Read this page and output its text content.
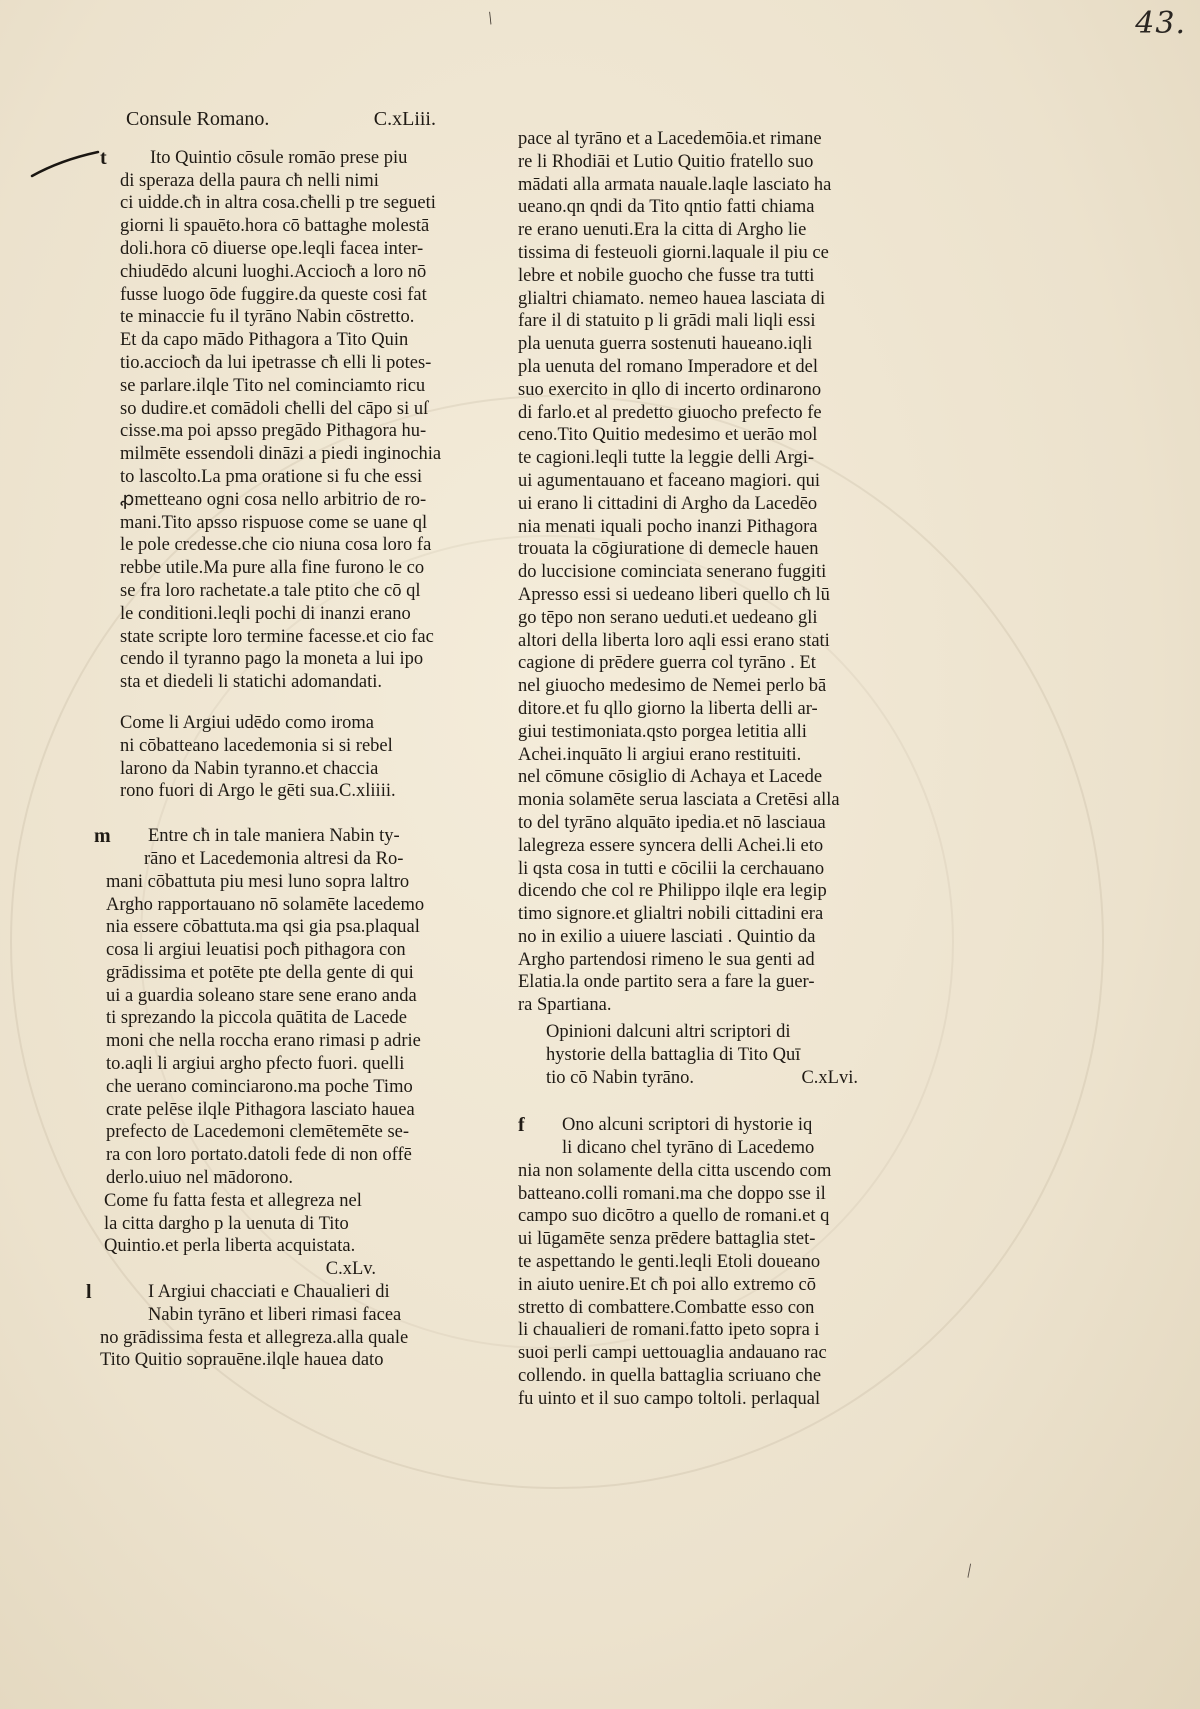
43.
/
\
Consule Romano.	C.xLiii.
t	Ito Quintio cōsule romāo prese piu
di speraza della paura cħ nelli nimi
ci uidde.cħ in altra cosa.cħelli p tre segueti
giorni li spauēto.hora cō battaghe molestā
doli.hora cō diuerse ope.leqli facea inter-
chiudēdo alcuni luoghi.Acciocħ a loro nō
fusse luogo ōde fuggire.da queste cosi fat
te minaccie fu il tyrāno Nabin cōstretto.
Et da capo mādo Pithagora a Tito Quin
tio.acciocħ da lui ipetrasse cħ elli li potes-
se parlare.ilqle Tito nel cominciamto ricu
so dudire.et comādoli cħelli del cāpo si uſ
cisse.ma poi apsso pregādo Pithagora hu-
milmēte essendoli dināzi a piedi inginochia
to lascolto.La pma oratione si fu che essi
ꝓmetteano ogni cosa nello arbitrio de ro-
mani.Tito apsso rispuose come se uane ql
le pole credesse.che cio niuna cosa loro fa
rebbe utile.Ma pure alla fine furono le co
se fra loro rachetate.a tale ptito che cō ql
le conditioni.leqli pochi di inanzi erano
state scripte loro termine facesse.et cio fac
cendo il tyranno pago la moneta a lui ipo
sta et diedeli li statichi adomandati.
Come li Argiui udēdo como iroma
ni cōbatteano lacedemonia si si rebel
larono da Nabin tyranno.et chaccia
rono fuori di Argo le gēti sua.C.xliiii.
m	Entre cħ in tale maniera Nabin ty-
rāno et Lacedemonia altresi da Ro-
mani cōbattuta piu mesi luno sopra laltro
Argho rapportauano nō solamēte lacedemo
nia essere cōbattuta.ma qsi gia psa.plaqual
cosa li argiui leuatisi pocħ pithagora con
grādissima et potēte pte della gente di qui
ui a guardia soleano stare sene erano anda
ti sprezando la piccola quātita de Lacede
moni che nella roccha erano rimasi p adrie
to.aqli li argiui argho pfecto fuori. quelli
che uerano cominciarono.ma poche Timo
crate pelēse ilqle Pithagora lasciato hauea
prefecto de Lacedemoni clemētemēte se-
ra con loro portato.datoli fede di non offē
derlo.uiuo nel mādorono.
Come fu fatta festa et allegreza nel
la citta dargho p la uenuta di Tito
Quintio.et perla liberta acquistata.
C.xLv.
l	I Argiui chacciati e Chaualieri di
Nabin tyrāno et liberi rimasi facea
no grādissima festa et allegreza.alla quale
Tito Quitio soprauēne.ilqle hauea dato
pace al tyrāno et a Lacedemōia.et rimane
re li Rhodiāi et Lutio Quitio fratello suo
mādati alla armata nauale.laqle lasciato ha
ueano.qn qndi da Tito qntio fatti chiama
re erano uenuti.Era la citta di Argho lie
tissima di festeuoli giorni.laquale il piu ce
lebre et nobile guocho che fusse tra tutti
glialtri chiamato. nemeo hauea lasciata di
fare il di statuito p li grādi mali liqli essi
pla uenuta guerra sostenuti haueano.iqli
pla uenuta del romano Imperadore et del
suo exercito in qllo di incerto ordinarono
di farlo.et al predetto giuocho prefecto fe
ceno.Tito Quitio medesimo et uerāo mol
te cagioni.leqli tutte la leggie delli Argi-
ui agumentauano et faceano magiori. qui
ui erano li cittadini di Argho da Lacedēo
nia menati iquali pocho inanzi Pithagora
trouata la cōgiuratione di demecle hauen
do luccisione cominciata senerano fuggiti
Apresso essi si uedeano liberi quello cħ lū
go tēpo non serano ueduti.et uedeano gli
altori della liberta loro aqli essi erano stati
cagione di prēdere guerra col tyrāno . Et
nel giuocho medesimo de Nemei perlo bā
ditore.et fu qllo giorno la liberta delli ar-
giui testimoniata.qsto porgea letitia alli
Achei.inquāto li argiui erano restituiti.
nel cōmune cōsiglio di Achaya et Lacede
monia solamēte serua lasciata a Cretēsi alla
to del tyrāno alquāto ipedia.et nō lasciaua
lalegreza essere syncera delli Achei.li eto
li qsta cosa in tutti e cōcilii la cerchauano
dicendo che col re Philippo ilqle era legip
timo signore.et glialtri nobili cittadini era
no in exilio a uiuere lasciati . Quintio da
Argho partendosi rimeno le sua genti ad
Elatia.la onde partito sera a fare la guer-
ra Spartiana.
Opinioni dalcuni altri scriptori di
hystorie della battaglia di Tito Quī
tio cō Nabin tyrāno.	C.xLvi.
f	Ono alcuni scriptori di hystorie iq
li dicano chel tyrāno di Lacedemo
nia non solamente della citta uscendo com
batteano.colli romani.ma che doppo sse il
campo suo dicōtro a quello de romani.et q
ui lūgamēte senza prēdere battaglia stet-
te aspettando le genti.leqli Etoli doueano
in aiuto uenire.Et cħ poi allo extremo cō
stretto di combattere.Combatte esso con
li chaualieri de romani.fatto ipeto sopra i
suoi perli campi uettouaglia andauano rac
collendo. in quella battaglia scriuano che
fu uinto et il suo campo toltoli. perlaqual
